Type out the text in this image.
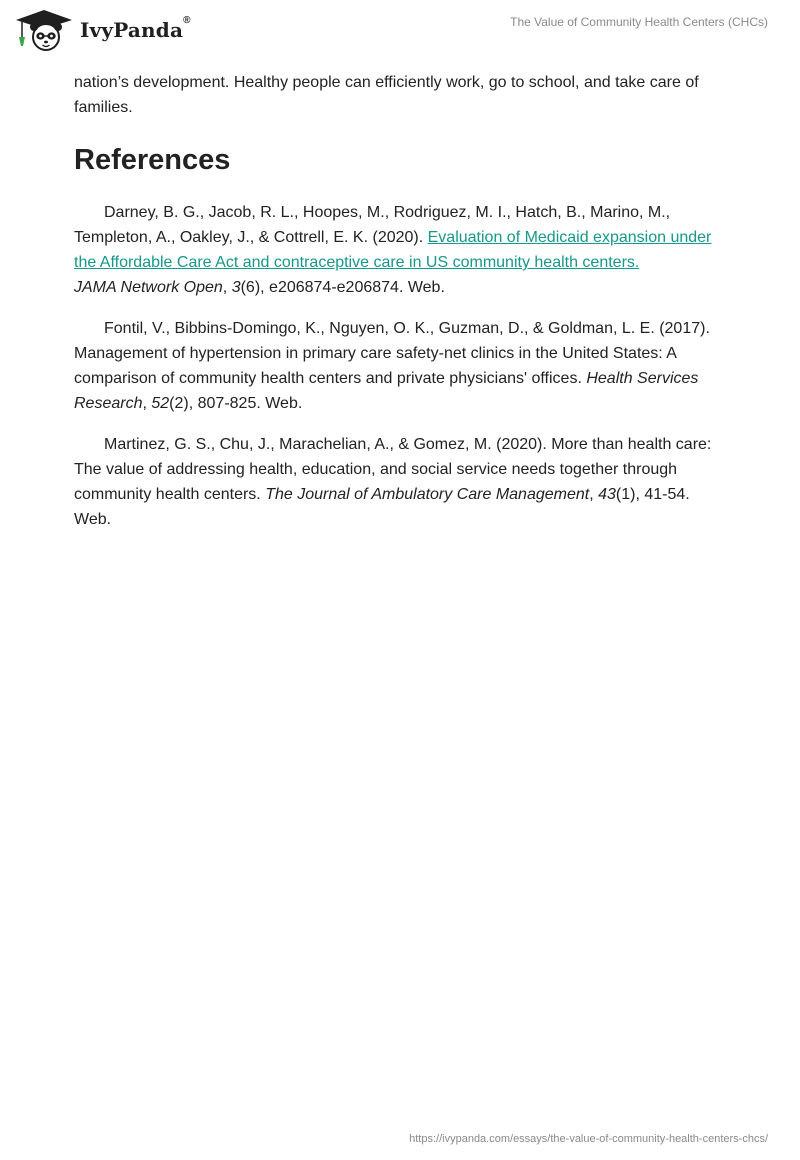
IvyPanda®	The Value of Community Health Centers (CHCs)

nation’s development. Healthy people can efficiently work, go to school, and take care of families.

References

Darney, B. G., Jacob, R. L., Hoopes, M., Rodriguez, M. I., Hatch, B., Marino, M., Templeton, A., Oakley, J., & Cottrell, E. K. (2020). Evaluation of Medicaid expansion under the Affordable Care Act and contraceptive care in US community health centers.
JAMA Network Open, 3(6), e206874-e206874. Web.

Fontil, V., Bibbins-Domingo, K., Nguyen, O. K., Guzman, D., & Goldman, L. E. (2017). Management of hypertension in primary care safety-net clinics in the United States: A comparison of community health centers and private physicians' offices. Health Services Research, 52(2), 807-825. Web.

Martinez, G. S., Chu, J., Marachelian, A., & Gomez, M. (2020). More than health care: The value of addressing health, education, and social service needs together through community health centers. The Journal of Ambulatory Care Management, 43(1), 41-54. Web.

https://ivypanda.com/essays/the-value-of-community-health-centers-chcs/
